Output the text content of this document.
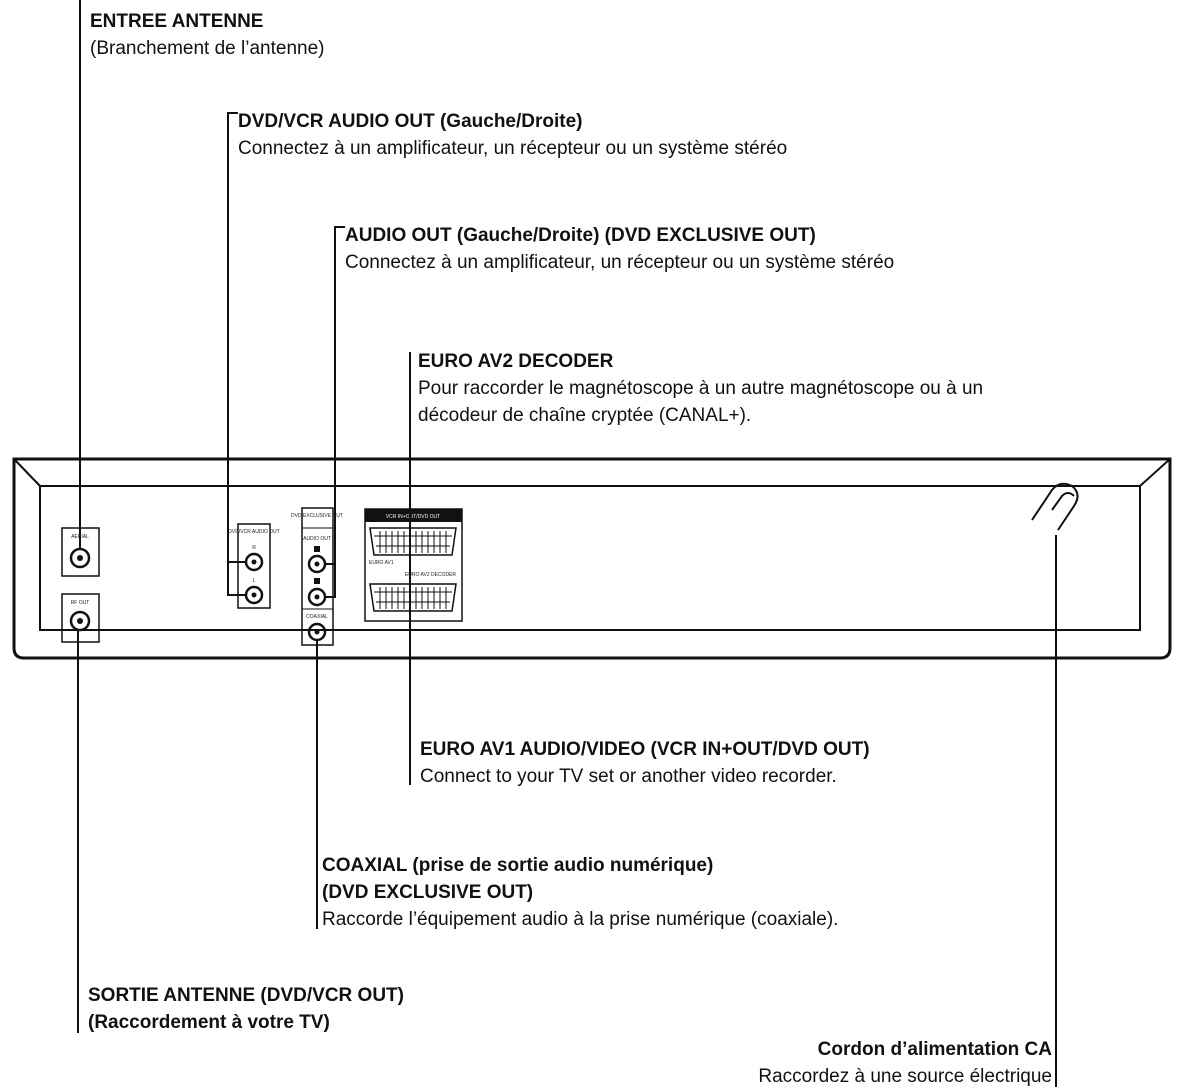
AERIAL
RF OUT
DVD/VCR AUDIO OUT
R
L
DVD EXCLUSIVE OUT
AUDIO OUT
COAXIAL
VCR IN+OUT/DVD OUT
EURO AV1
EURO AV2 DECODER
ENTREE ANTENNE
(Branchement de l’antenne)
DVD/VCR AUDIO OUT (Gauche/Droite)
Connectez à un amplificateur, un récepteur ou un système stéréo
AUDIO OUT (Gauche/Droite) (DVD EXCLUSIVE OUT)
Connectez à un amplificateur, un récepteur ou un système stéréo
EURO AV2 DECODER
Pour raccorder le magnétoscope à un autre magnétoscope ou à un
décodeur de chaîne cryptée (CANAL+).
EURO AV1 AUDIO/VIDEO (VCR IN+OUT/DVD OUT)
Connect to your TV set or another video recorder.
COAXIAL (prise de sortie audio numérique)
(DVD EXCLUSIVE OUT)
Raccorde l’équipement audio à la prise numérique (coaxiale).
SORTIE ANTENNE (DVD/VCR OUT)
(Raccordement à votre TV)
Cordon d’alimentation CA
Raccordez à une source électrique
